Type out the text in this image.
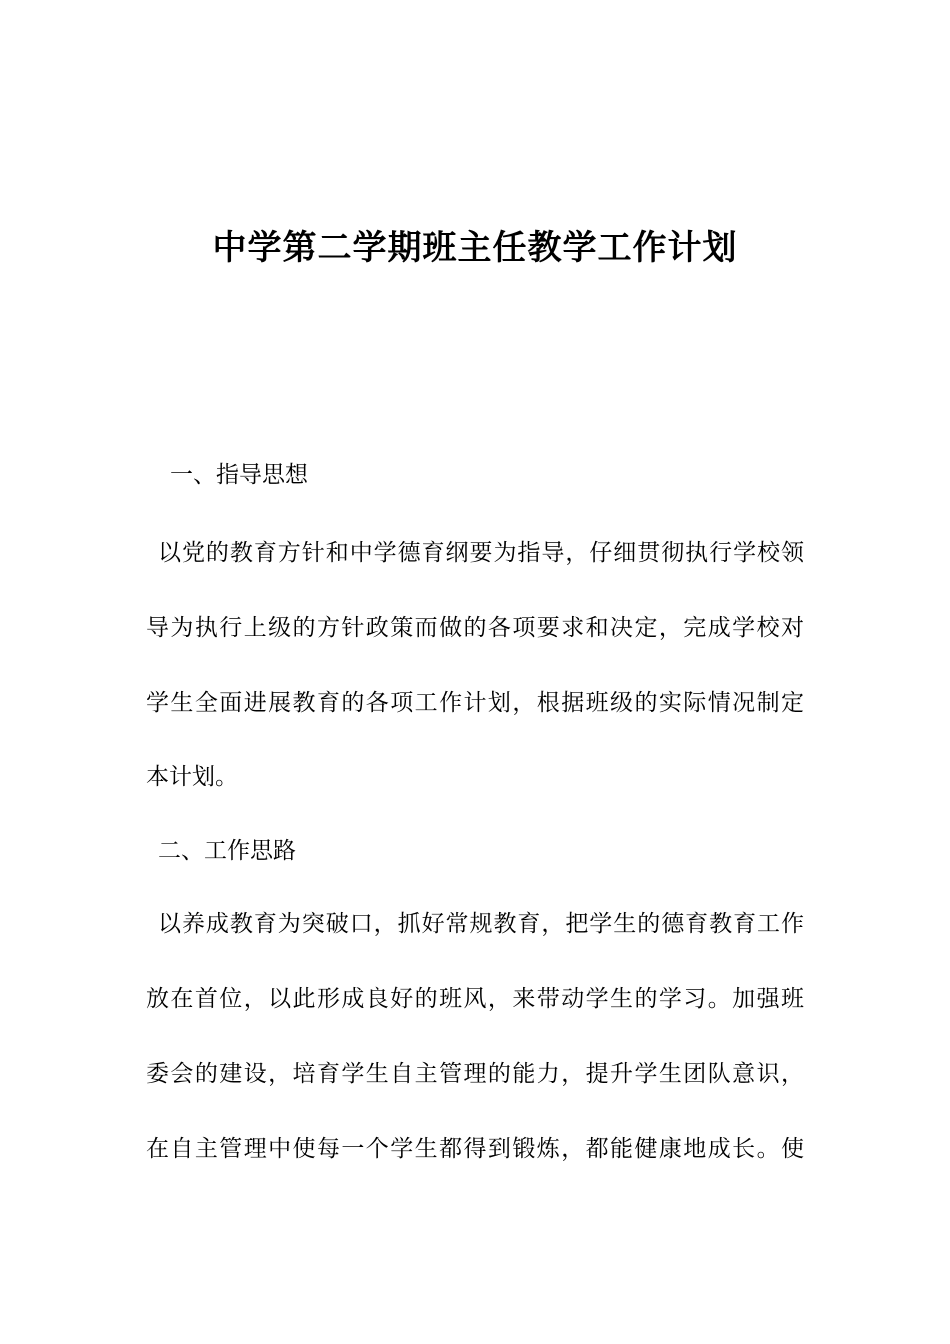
中学第二学期班主任教学工作计划

一、指导思想

以党的教育方针和中学德育纲要为指导，仔细贯彻执行学校领

导为执行上级的方针政策而做的各项要求和决定，完成学校对

学生全面进展教育的各项工作计划，根据班级的实际情况制定

本计划。

二、工作思路

以养成教育为突破口，抓好常规教育，把学生的德育教育工作

放在首位，以此形成良好的班风，来带动学生的学习。加强班

委会的建设，培育学生自主管理的能力，提升学生团队意识，

在自主管理中使每一个学生都得到锻炼，都能健康地成长。使
